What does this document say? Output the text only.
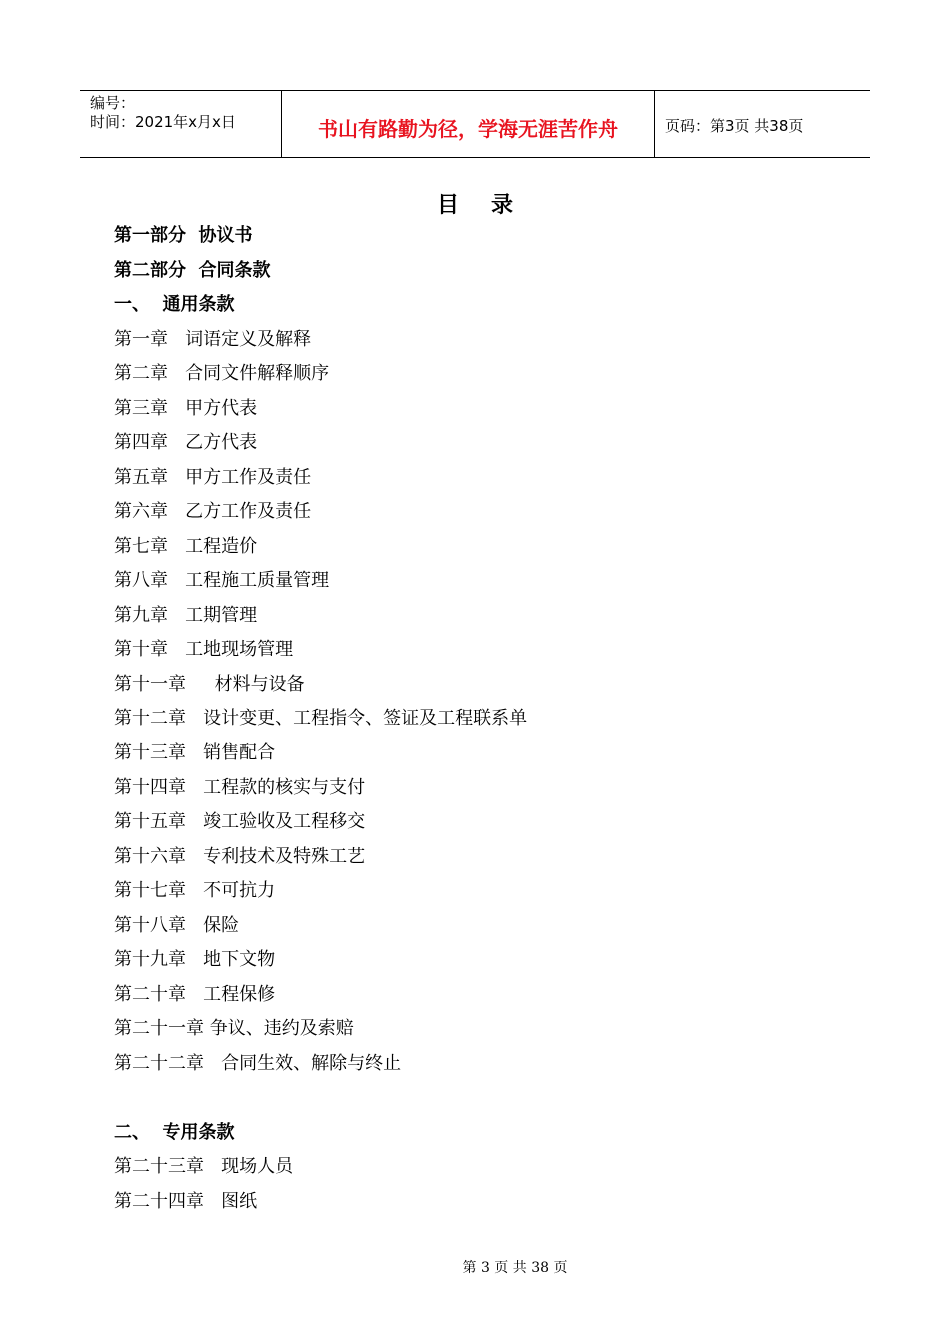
编号：
时间：2021年x月x日	书山有路勤为径，学海无涯苦作舟	页码：第3页 共38页
目录
第一部分  协议书
第二部分  合同条款
一、  通用条款
第一章   词语定义及解释
第二章   合同文件解释顺序
第三章   甲方代表
第四章   乙方代表
第五章   甲方工作及责任
第六章   乙方工作及责任
第七章   工程造价
第八章   工程施工质量管理
第九章   工期管理
第十章   工地现场管理
第十一章     材料与设备
第十二章   设计变更、工程指令、签证及工程联系单
第十三章   销售配合
第十四章   工程款的核实与支付
第十五章   竣工验收及工程移交
第十六章   专利技术及特殊工艺
第十七章   不可抗力
第十八章   保险
第十九章   地下文物
第二十章   工程保修
第二十一章 争议、违约及索赔
第二十二章   合同生效、解除与终止
二、  专用条款
第二十三章   现场人员
第二十四章   图纸
第 3 页 共 38 页
